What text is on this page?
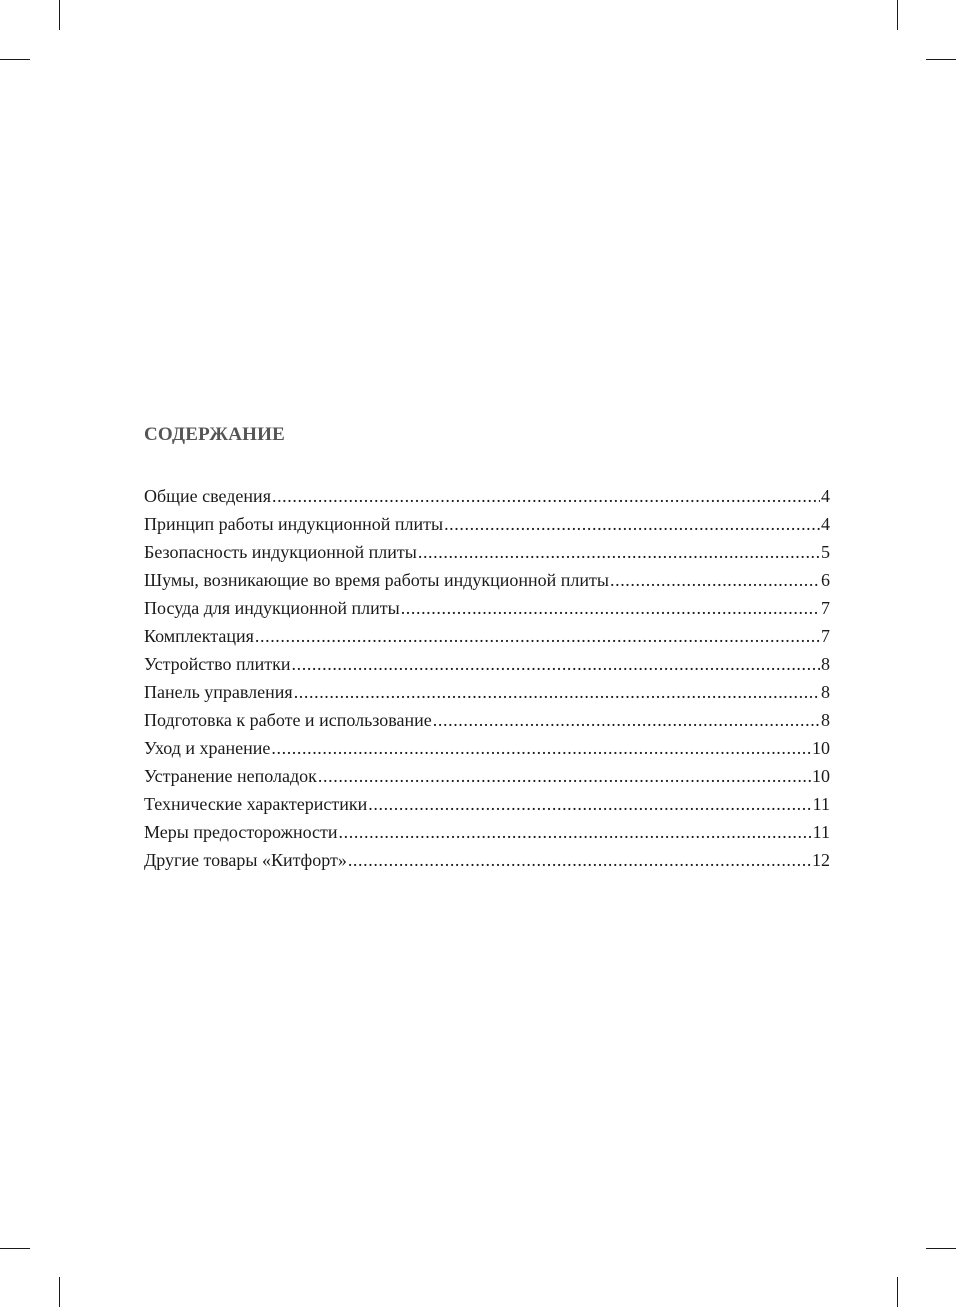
СОДЕРЖАНИЕ
Общие сведения .....	4
Принцип работы индукционной плиты .....	4
Безопасность индукционной плиты .....	5
Шумы, возникающие во время работы индукционной плиты .....	6
Посуда для индукционной плиты .....	7
Комплектация .....	7
Устройство плитки .....	8
Панель управления .....	8
Подготовка к работе и использование .....	8
Уход и хранение .....	10
Устранение неполадок .....	10
Технические характеристики .....	11
Меры предосторожности .....	11
Другие товары «Китфорт» .....	12
